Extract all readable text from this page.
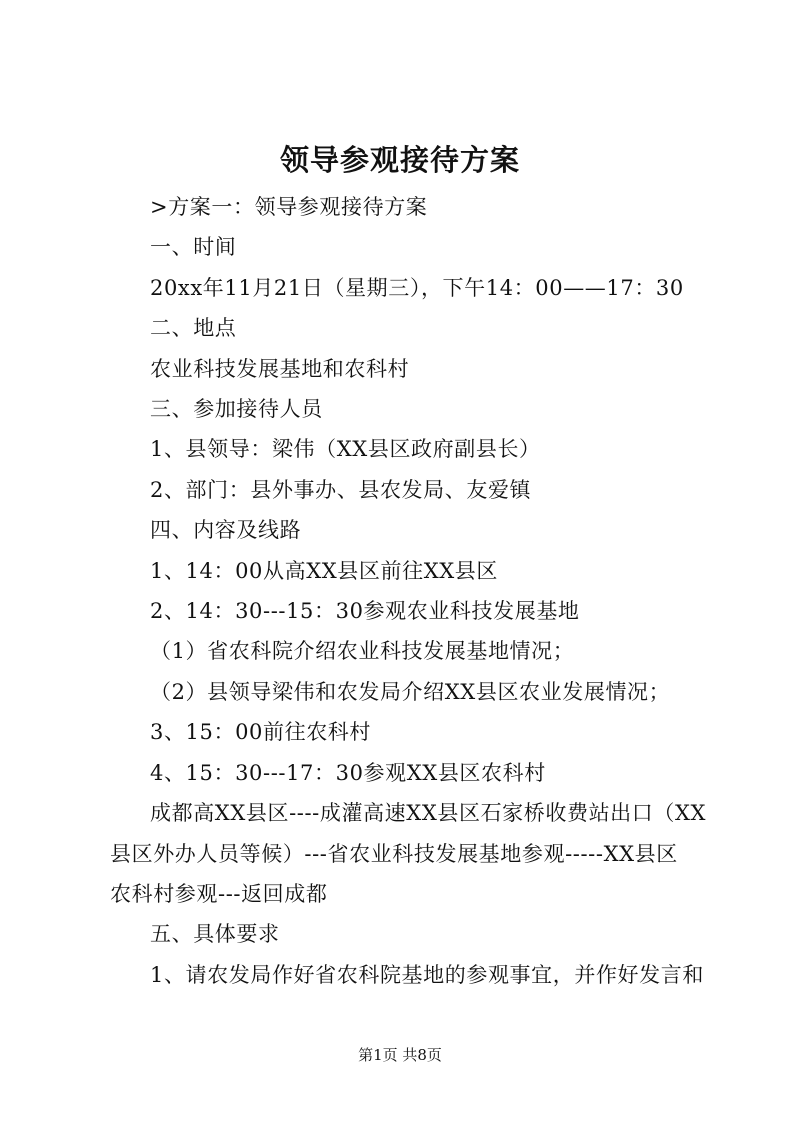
领导参观接待方案
>方案一：领导参观接待方案
一、时间
20xx年11月21日（星期三），下午14：00——17：30
二、地点
农业科技发展基地和农科村
三、参加接待人员
1、县领导：梁伟（XX县区政府副县长）
2、部门：县外事办、县农发局、友爱镇
四、内容及线路
1、14：00从高XX县区前往XX县区
2、14：30---15：30参观农业科技发展基地
（1）省农科院介绍农业科技发展基地情况；
（2）县领导梁伟和农发局介绍XX县区农业发展情况；
3、15：00前往农科村
4、15：30---17：30参观XX县区农科村
成都高XX县区----成灌高速XX县区石家桥收费站出口（XX
县区外办人员等候）---省农业科技发展基地参观-----XX县区
农科村参观---返回成都
五、具体要求
1、请农发局作好省农科院基地的参观事宜，并作好发言和
第1页 共8页
